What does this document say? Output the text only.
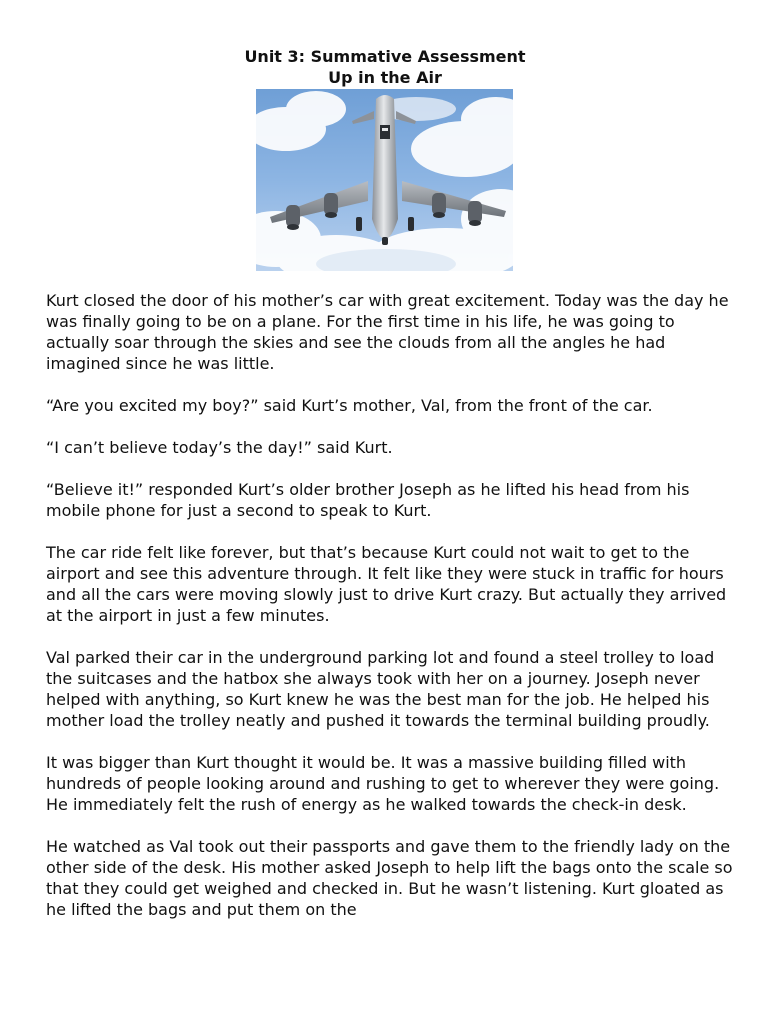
Unit 3: Summative Assessment
Up in the Air

Kurt closed the door of his mother’s car with great excitement. Today was the day he was finally going to be on a plane. For the first time in his life, he was going to actually soar through the skies and see the clouds from all the angles he had imagined since he was little.

“Are you excited my boy?” said Kurt’s mother, Val, from the front of the car.

“I can’t believe today’s the day!” said Kurt.

“Believe it!” responded Kurt’s older brother Joseph as he lifted his head from his mobile phone for just a second to speak to Kurt.

The car ride felt like forever, but that’s because Kurt could not wait to get to the airport and see this adventure through. It felt like they were stuck in traffic for hours and all the cars were moving slowly just to drive Kurt crazy. But actually they arrived at the airport in just a few minutes.

Val parked their car in the underground parking lot and found a steel trolley to load the suitcases and the hatbox she always took with her on a journey. Joseph never helped with anything, so Kurt knew he was the best man for the job. He helped his mother load the trolley neatly and pushed it towards the terminal building proudly.

It was bigger than Kurt thought it would be. It was a massive building filled with hundreds of people looking around and rushing to get to wherever they were going. He immediately felt the rush of energy as he walked towards the check-in desk.

He watched as Val took out their passports and gave them to the friendly lady on the other side of the desk. His mother asked Joseph to help lift the bags onto the scale so that they could get weighed and checked in. But he wasn’t listening. Kurt gloated as he lifted the bags and put them on the
